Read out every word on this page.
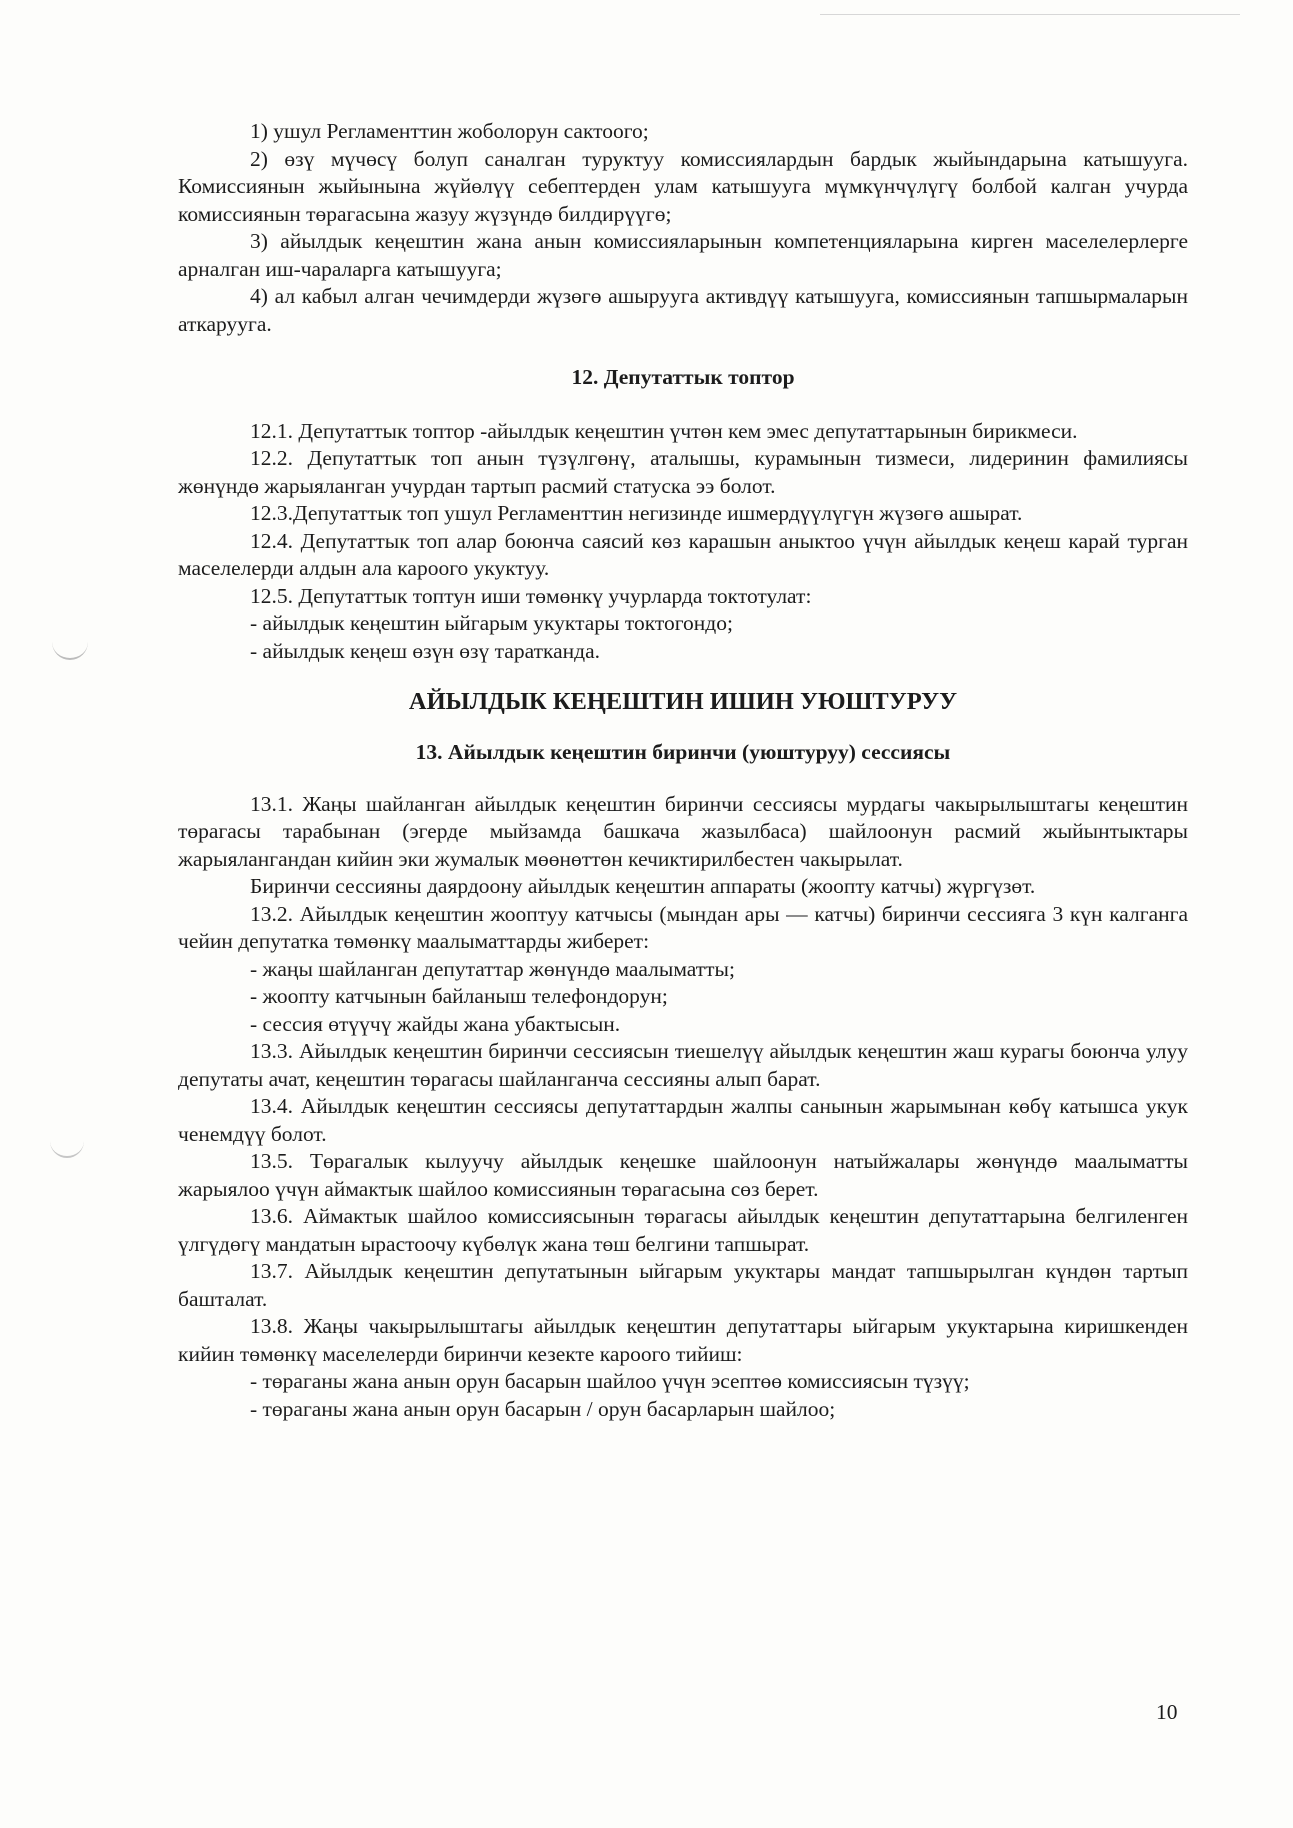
1) ушул Регламенттин жоболорун сактоого;

2) өзү мүчөсү болуп саналган туруктуу комиссиялардын бардык жыйындарына катышууга. Комиссиянын жыйынына жүйөлүү себептерден улам катышууга мүмкүнчүлүгү болбой калган учурда комиссиянын төрагасына жазуу жүзүндө билдирүүгө;

3) айылдык кеңештин жана анын комиссияларынын компетенцияларына кирген маселелерлерге арналган иш-чараларга катышууга;

4) ал кабыл алган чечимдерди жүзөгө ашырууга активдүү катышууга, комиссиянын тапшырмаларын аткарууга.

12. Депутаттык топтор

12.1. Депутаттык топтор -айылдык кеңештин үчтөн кем эмес депутаттарынын бирикмеси.

12.2. Депутаттык топ анын түзүлгөнү, аталышы, курамынын тизмеси, лидеринин фамилиясы жөнүндө жарыяланган учурдан тартып расмий статуска ээ болот.

12.3.Депутаттык топ ушул Регламенттин негизинде ишмердүүлүгүн жүзөгө ашырат.

12.4. Депутаттык топ алар боюнча саясий көз карашын аныктоо үчүн айылдык кеңеш карай турган маселелерди алдын ала кароого укуктуу.

12.5. Депутаттык топтун иши төмөнкү учурларда токтотулат:

- айылдык кеңештин ыйгарым укуктары токтогондо;

- айылдык кеңеш өзүн өзү таратканда.

АЙЫЛДЫК КЕҢЕШТИН ИШИН УЮШТУРУУ
13. Айылдык кеңештин биринчи (уюштуруу) сессиясы

13.1. Жаңы шайланган айылдык кеңештин биринчи сессиясы мурдагы чакырылыштагы кеңештин төрагасы тарабынан (эгерде мыйзамда башкача жазылбаса) шайлоонун расмий жыйынтыктары жарыялангандан кийин эки жумалык мөөнөттөн кечиктирилбестен чакырылат.

Биринчи сессияны даярдоону айылдык кеңештин аппараты (жоопту катчы) жүргүзөт.

13.2. Айылдык кеңештин жооптуу катчысы (мындан ары — катчы) биринчи сессияга 3 күн калганга чейин депутатка төмөнкү маалыматтарды жиберет:

- жаңы шайланган депутаттар жөнүндө маалыматты;

- жоопту катчынын байланыш телефондорун;

- сессия өтүүчү жайды жана убактысын.

13.3. Айылдык кеңештин биринчи сессиясын тиешелүү айылдык кеңештин жаш курагы боюнча улуу депутаты ачат, кеңештин төрагасы шайланганча сессияны алып барат.

13.4. Айылдык кеңештин сессиясы депутаттардын жалпы санынын жарымынан көбү катышса укук ченемдүү болот.

13.5. Төрагалык кылуучу айылдык кеңешке шайлоонун натыйжалары жөнүндө маалыматты жарыялоо үчүн аймактык шайлоо комиссиянын төрагасына сөз берет.

13.6. Аймактык шайлоо комиссиясынын төрагасы айылдык кеңештин депутаттарына белгиленген үлгүдөгү мандатын ырастоочу күбөлүк жана төш белгини тапшырат.

13.7. Айылдык кеңештин депутатынын ыйгарым укуктары мандат тапшырылган күндөн тартып башталат.

13.8. Жаңы чакырылыштагы айылдык кеңештин депутаттары ыйгарым укуктарына киришкенден кийин төмөнкү маселелерди биринчи кезекте кароого тийиш:

- төраганы жана анын орун басарын шайлоо үчүн эсептөө комиссиясын түзүү;

- төраганы жана анын орун басарын / орун басарларын шайлоо;

10
